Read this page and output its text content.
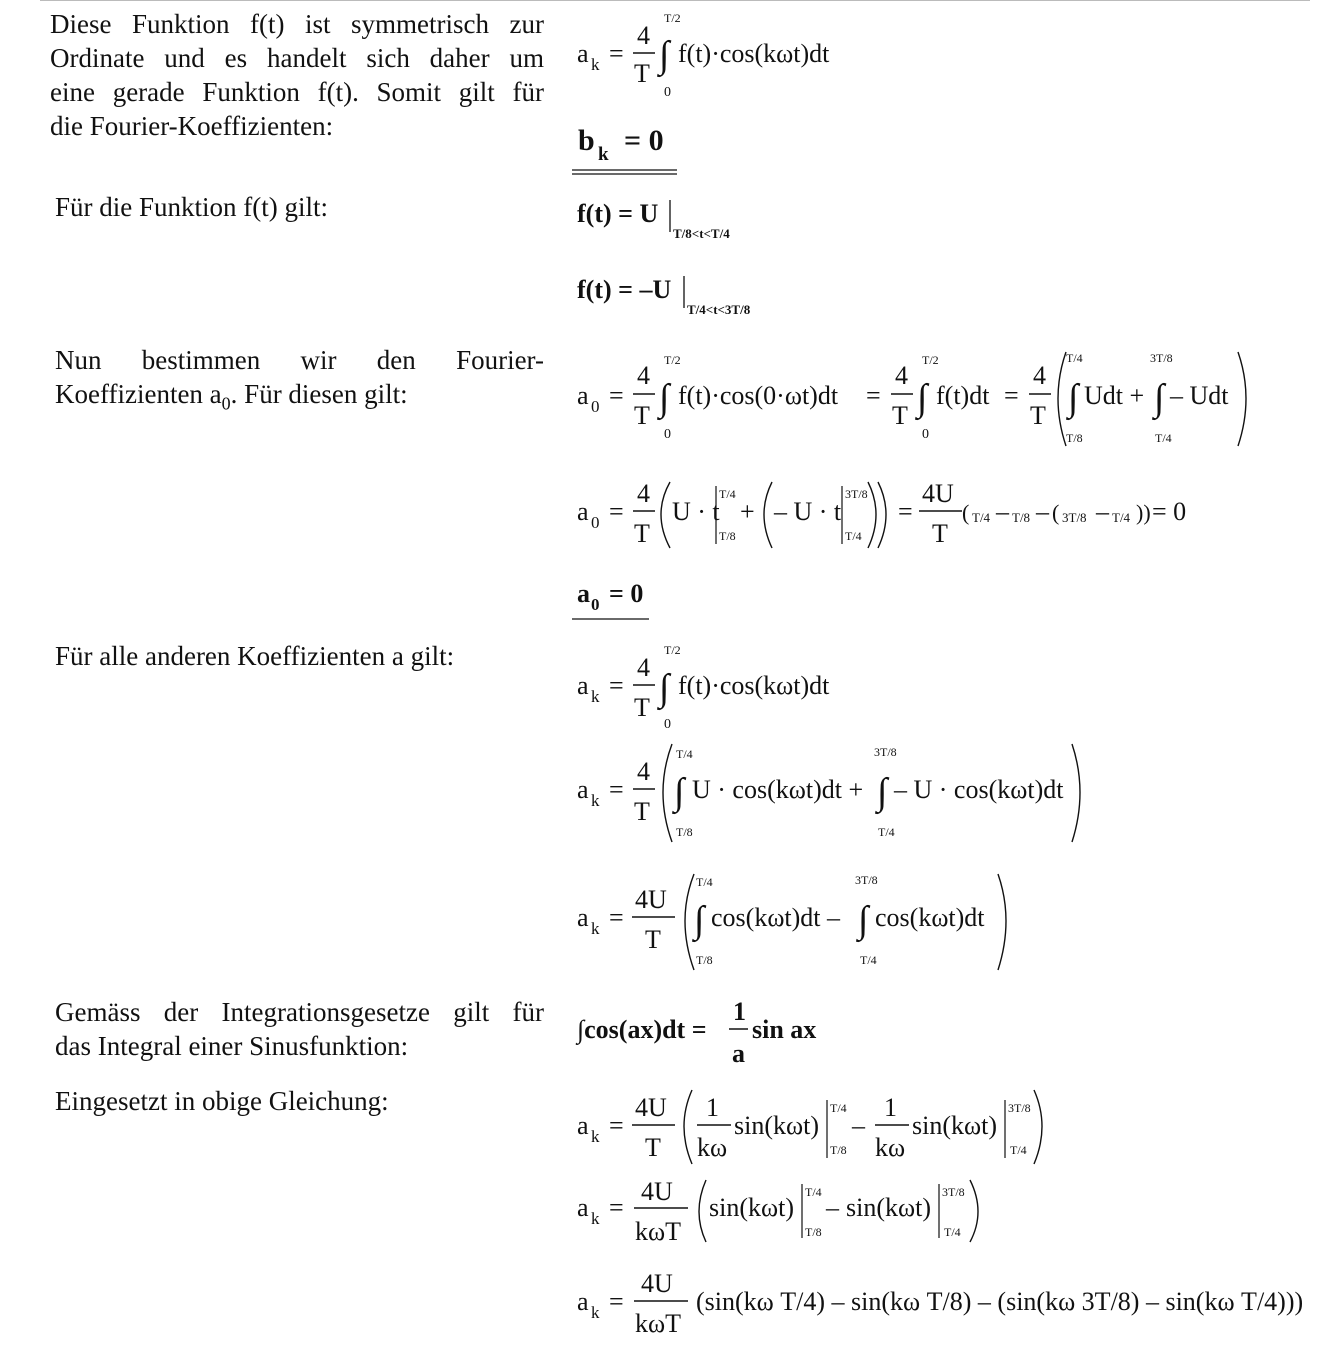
Diese Funktion f(t) ist symmetrisch zur
Ordinate und es handelt sich daher um
eine gerade Funktion f(t). Somit gilt für
die Fourier-Koeffizienten:
Für die Funktion f(t) gilt:
Nun bestimmen wir den Fourier-
Koeffizienten $a_0$. Für diesen gilt:
Für alle anderen Koeffizienten a gilt:
Gemäss der Integrationsgesetze gilt für
das Integral einer Sinusfunktion:
Eingesetzt in obige Gleichung:
a k =
4
T ∫
T/2
0
f(t)·cos(kωt)dt
b k = 0
f(t) = U
T/8<t<T/4
f(t) = –U
T/4<t<3T/8
a 0 =
4
T ∫
T/2
0
f(t)·cos(0·ωt)dt =
4
T ∫
T/2
0
f(t)dt =
4
T ∫
T/4
T/8
Udt + ∫
3T/8
T/4
– Udt
a 0 =
4
T
U · t
T/4
T/8
+ – U · t
3T/8
T/4
=
4U
T
( T/4 – T/8 – ( 3T/8 – T/4 )) = 0
a 0 = 0
a k =
4
T ∫
T/2
0
f(t)·cos(kωt)dt
a k =
4
T ∫
T/4
T/8
U · cos(kωt)dt + ∫
3T/8
T/4
– U · cos(kωt)dt
a k =
4U
T ∫
T/4
T/8
cos(kωt)dt – ∫
3T/8
T/4
cos(kωt)dt
∫cos(ax)dt =
1
a
sin ax
a k =
4U
T
1
kω
sin(kωt)
T/4
T/8
–
1
kω
sin(kωt)
3T/8
T/4
a k =
4U
kωT
sin(kωt)
T/4
T/8
– sin(kωt)
3T/8
T/4
a k =
4U
kωT
(sin(kω T/4) – sin(kω T/8) – (sin(kω 3T/8) – sin(kω T/4)))
